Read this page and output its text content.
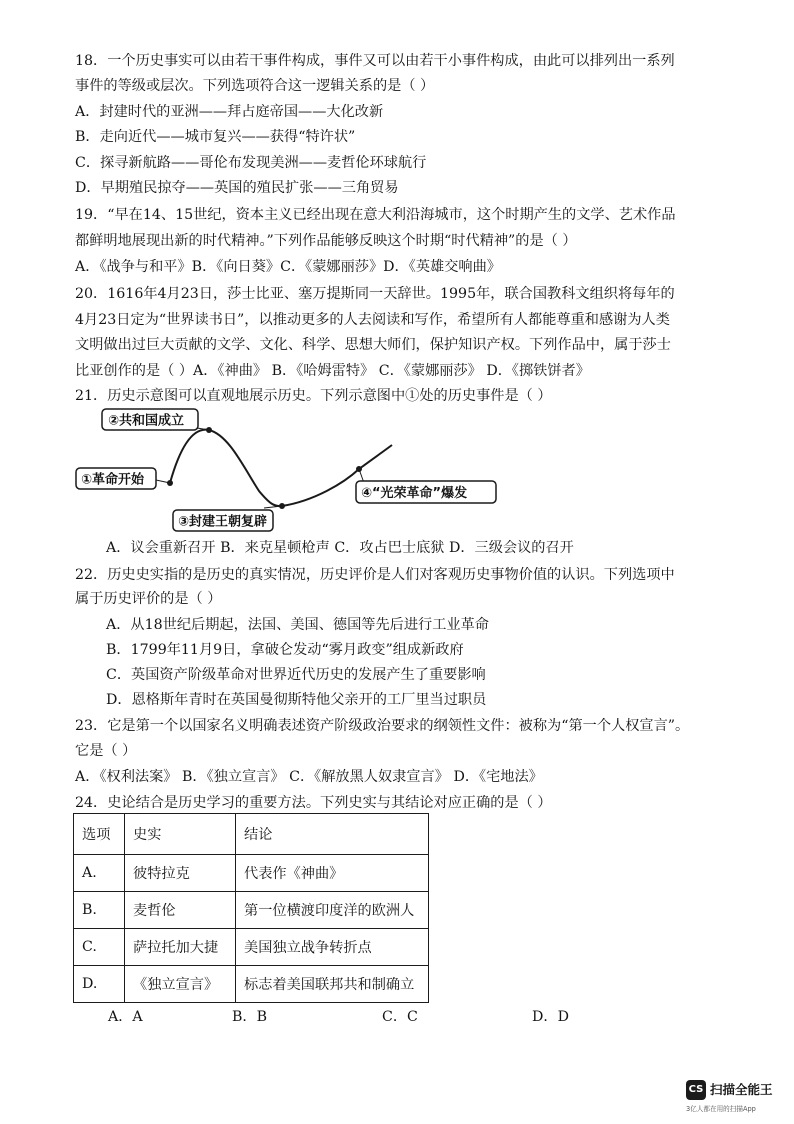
18．一个历史事实可以由若干事件构成，事件又可以由若干小事件构成，由此可以排列出一系列
事件的等级或层次。下列选项符合这一逻辑关系的是（ ）
A．封建时代的亚洲——拜占庭帝国——大化改新
B．走向近代——城市复兴——获得“特许状”
C．探寻新航路——哥伦布发现美洲——麦哲伦环球航行
D．早期殖民掠夺——英国的殖民扩张——三角贸易
19．“早在14、15世纪，资本主义已经出现在意大利沿海城市，这个时期产生的文学、艺术作品
都鲜明地展现出新的时代精神。”下列作品能够反映这个时期“时代精神”的是（ ）
A．《战争与和平》B．《向日葵》C．《蒙娜丽莎》D．《英雄交响曲》
20．1616年4月23日，莎士比亚、塞万提斯同一天辞世。1995年，联合国教科文组织将每年的
4月23日定为“世界读书日”，以推动更多的人去阅读和写作，希望所有人都能尊重和感谢为人类
文明做出过巨大贡献的文学、文化、科学、思想大师们，保护知识产权。下列作品中，属于莎士
比亚创作的是（ ）A．《神曲》 B．《哈姆雷特》 C．《蒙娜丽莎》 D．《掷铁饼者》
21．历史示意图可以直观地展示历史。下列示意图中①处的历史事件是（ ）
②共和国成立
①革命开始
③封建王朝复辟
④“光荣革命”爆发
A．议会重新召开 B．来克星顿枪声 C．攻占巴士底狱 D．三级会议的召开
22．历史史实指的是历史的真实情况，历史评价是人们对客观历史事物价值的认识。下列选项中
属于历史评价的是（ ）
A．从18世纪后期起，法国、美国、德国等先后进行工业革命
B．1799年11月9日，拿破仑发动“雾月政变”组成新政府
C．英国资产阶级革命对世界近代历史的发展产生了重要影响
D．恩格斯年青时在英国曼彻斯特他父亲开的工厂里当过职员
23．它是第一个以国家名义明确表述资产阶级政治要求的纲领性文件：被称为“第一个人权宣言”。
它是（ ）
A．《权利法案》 B．《独立宣言》 C．《解放黑人奴隶宣言》 D．《宅地法》
24．史论结合是历史学习的重要方法。下列史实与其结论对应正确的是（ ）
选项	史实	结论
A.	彼特拉克	代表作《神曲》
B.	麦哲伦	第一位横渡印度洋的欧洲人
C.	萨拉托加大捷	美国独立战争转折点
D.	《独立宣言》	标志着美国联邦共和制确立
A．A	B．B	C．C	D．D
CS 扫描全能王
3亿人都在用的扫描App
